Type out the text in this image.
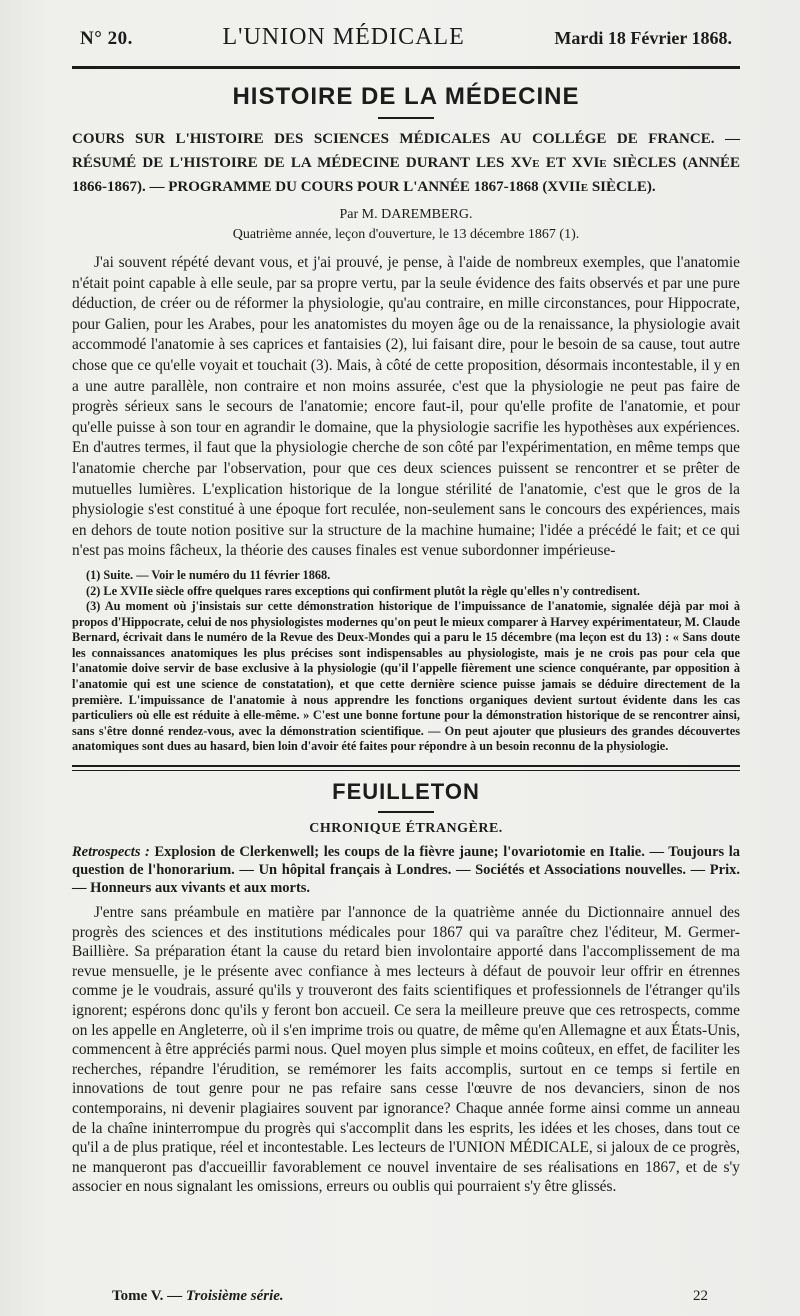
N° 20.	L'UNION MÉDICALE	Mardi 18 Février 1868.
HISTOIRE DE LA MÉDECINE

COURS SUR L'HISTOIRE DES SCIENCES MÉDICALES AU COLLÉGE DE FRANCE. — RÉSUMÉ DE L'HISTOIRE DE LA MÉDECINE DURANT LES XVe ET XVIe SIÈCLES (ANNÉE 1866-1867). — PROGRAMME DU COURS POUR L'ANNÉE 1867-1868 (XVIIe SIÈCLE).

Par M. DAREMBERG.

Quatrième année, leçon d'ouverture, le 13 décembre 1867 (1).

J'ai souvent répété devant vous, et j'ai prouvé, je pense, à l'aide de nombreux exemples, que l'anatomie n'était point capable à elle seule, par sa propre vertu, par la seule évidence des faits observés et par une pure déduction, de créer ou de réformer la physiologie, qu'au contraire, en mille circonstances, pour Hippocrate, pour Galien, pour les Arabes, pour les anatomistes du moyen âge ou de la renaissance, la physiologie avait accommodé l'anatomie à ses caprices et fantaisies (2), lui faisant dire, pour le besoin de sa cause, tout autre chose que ce qu'elle voyait et touchait (3). Mais, à côté de cette proposition, désormais incontestable, il y en a une autre parallèle, non contraire et non moins assurée, c'est que la physiologie ne peut pas faire de progrès sérieux sans le secours de l'anatomie; encore faut-il, pour qu'elle profite de l'anatomie, et pour qu'elle puisse à son tour en agrandir le domaine, que la physiologie sacrifie les hypothèses aux expériences. En d'autres termes, il faut que la physiologie cherche de son côté par l'expérimentation, en même temps que l'anatomie cherche par l'observation, pour que ces deux sciences puissent se rencontrer et se prêter de mutuelles lumières. L'explication historique de la longue stérilité de l'anatomie, c'est que le gros de la physiologie s'est constitué à une époque fort reculée, non-seulement sans le concours des expériences, mais en dehors de toute notion positive sur la structure de la machine humaine; l'idée a précédé le fait; et ce qui n'est pas moins fâcheux, la théorie des causes finales est venue subordonner impérieuse-

(1) Suite. — Voir le numéro du 11 février 1868.

(2) Le XVIIe siècle offre quelques rares exceptions qui confirment plutôt la règle qu'elles n'y contredisent.

(3) Au moment où j'insistais sur cette démonstration historique de l'impuissance de l'anatomie, signalée déjà par moi à propos d'Hippocrate, celui de nos physiologistes modernes qu'on peut le mieux comparer à Harvey expérimentateur, M. Claude Bernard, écrivait dans le numéro de la Revue des Deux-Mondes qui a paru le 15 décembre (ma leçon est du 13) : « Sans doute les connaissances anatomiques les plus précises sont indispensables au physiologiste, mais je ne crois pas pour cela que l'anatomie doive servir de base exclusive à la physiologie (qu'il l'appelle fièrement une science conquérante, par opposition à l'anatomie qui est une science de constatation), et que cette dernière science puisse jamais se déduire directement de la première. L'impuissance de l'anatomie à nous apprendre les fonctions organiques devient surtout évidente dans les cas particuliers où elle est réduite à elle-même. » C'est une bonne fortune pour la démonstration historique de se rencontrer ainsi, sans s'être donné rendez-vous, avec la démonstration scientifique. — On peut ajouter que plusieurs des grandes découvertes anatomiques sont dues au hasard, bien loin d'avoir été faites pour répondre à un besoin reconnu de la physiologie.

FEUILLETON

CHRONIQUE ÉTRANGÈRE.

Retrospects : Explosion de Clerkenwell; les coups de la fièvre jaune; l'ovariotomie en Italie. — Toujours la question de l'honorarium. — Un hôpital français à Londres. — Sociétés et Associations nouvelles. — Prix. — Honneurs aux vivants et aux morts.

J'entre sans préambule en matière par l'annonce de la quatrième année du Dictionnaire annuel des progrès des sciences et des institutions médicales pour 1867 qui va paraître chez l'éditeur, M. Germer-Baillière. Sa préparation étant la cause du retard bien involontaire apporté dans l'accomplissement de ma revue mensuelle, je le présente avec confiance à mes lecteurs à défaut de pouvoir leur offrir en étrennes comme je le voudrais, assuré qu'ils y trouveront des faits scientifiques et professionnels de l'étranger qu'ils ignorent; espérons donc qu'ils y feront bon accueil. Ce sera la meilleure preuve que ces retrospects, comme on les appelle en Angleterre, où il s'en imprime trois ou quatre, de même qu'en Allemagne et aux États-Unis, commencent à être appréciés parmi nous. Quel moyen plus simple et moins coûteux, en effet, de faciliter les recherches, répandre l'érudition, se remémorer les faits accomplis, surtout en ce temps si fertile en innovations de tout genre pour ne pas refaire sans cesse l'œuvre de nos devanciers, sinon de nos contemporains, ni devenir plagiaires souvent par ignorance? Chaque année forme ainsi comme un anneau de la chaîne ininterrompue du progrès qui s'accomplit dans les esprits, les idées et les choses, dans tout ce qu'il a de plus pratique, réel et incontestable. Les lecteurs de l'UNION MÉDICALE, si jaloux de ce progrès, ne manqueront pas d'accueillir favorablement ce nouvel inventaire de ses réalisations en 1867, et de s'y associer en nous signalant les omissions, erreurs ou oublis qui pourraient s'y être glissés.

Tome V. — Troisième série.	22
